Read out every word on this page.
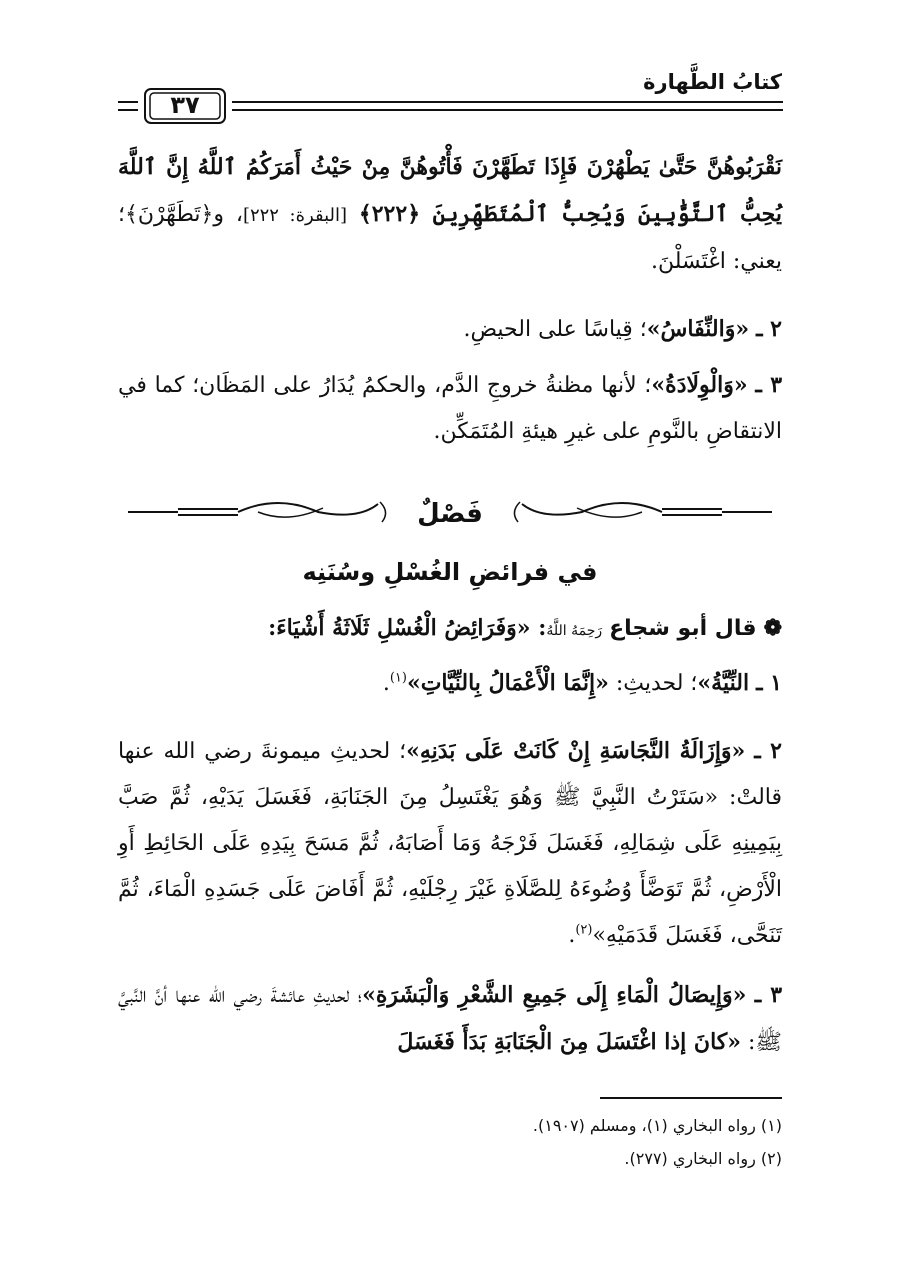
كتابُ الطَّهارة
٣٧
نَقْرَبُوهُنَّ حَتَّىٰ يَطْهُرْنَ فَإِذَا تَطَهَّرْنَ فَأْتُوهُنَّ مِنْ حَيْثُ أَمَرَكُمُ ٱللَّهُ إِنَّ ٱللَّهَ يُحِبُّ ٱلتَّوَّٰبِينَ وَيُحِبُّ ٱلْمُتَطَهِّرِينَ ﴿٢٢٢﴾ [البقرة: ٢٢٢]، و﴿تَطَهَّرْنَ﴾؛ يعني: اغْتَسَلْنَ.
٢ ـ «وَالنِّفَاسُ»؛ قِياسًا على الحيضِ.
٣ ـ «وَالْوِلَادَةُ»؛ لأنها مظنةُ خروجِ الدَّم، والحكمُ يُدَارُ على المَظَان؛ كما في الانتقاضِ بالنَّومِ على غيرِ هيئةِ المُتَمَكِّن.
فَصْلٌ
في فرائضِ الغُسْلِ وسُنَنِه
❁ قال أبو شجاع رَحِمَهُ اللَّهُ: «وَفَرَائِضُ الْغُسْلِ ثَلَاثَةُ أَشْيَاءَ:
١ ـ النِّيَّةُ»؛ لحديثِ: «إِنَّمَا الْأَعْمَالُ بِالنِّيَّاتِ»$^{(١)}$.
٢ ـ «وَإِزَالَةُ النَّجَاسَةِ إِنْ كَانَتْ عَلَى بَدَنِهِ»؛ لحديثِ ميمونةَ رضي الله عنها قالتْ: «سَتَرْتُ النَّبِيَّ ﷺ وَهُوَ يَغْتَسِلُ مِنَ الجَنَابَةِ، فَغَسَلَ يَدَيْهِ، ثُمَّ صَبَّ بِيَمِينِهِ عَلَى شِمَالِهِ، فَغَسَلَ فَرْجَهُ وَمَا أَصَابَهُ، ثُمَّ مَسَحَ بِيَدِهِ عَلَى الحَائِطِ أَوِ الْأَرْضِ، ثُمَّ تَوَضَّأَ وُضُوءَهُ لِلصَّلَاةِ غَيْرَ رِجْلَيْهِ، ثُمَّ أَفَاضَ عَلَى جَسَدِهِ الْمَاءَ، ثُمَّ تَنَحَّى، فَغَسَلَ قَدَمَيْهِ»$^{(٢)}$.
٣ ـ «وَإِيصَالُ الْمَاءِ إِلَى جَمِيعِ الشَّعْرِ وَالْبَشَرَةِ»؛ لحديثِ عائشةَ رضي الله عنها أنَّ النَّبيَّ ﷺ: «كانَ إذا اغْتَسَلَ مِنَ الْجَنَابَةِ بَدَأَ فَغَسَلَ
(١) رواه البخاري (١)، ومسلم (١٩٠٧).
(٢) رواه البخاري (٢٧٧).
